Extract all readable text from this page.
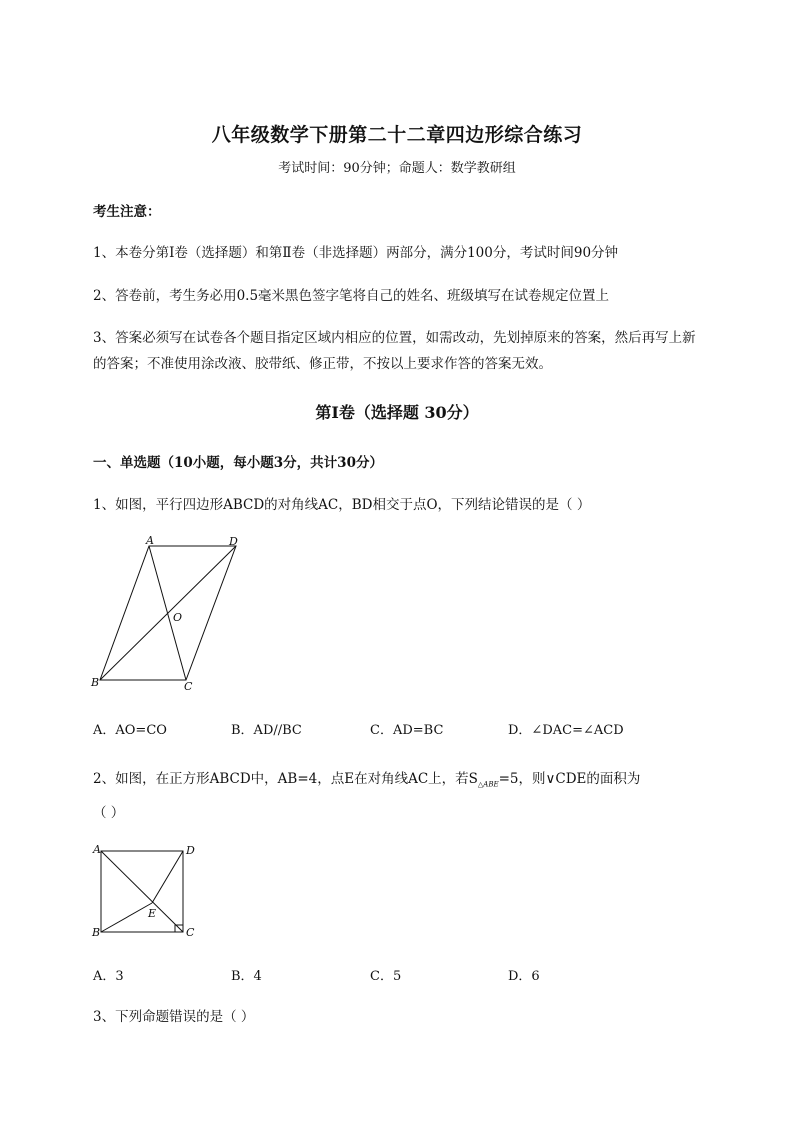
八年级数学下册第二十二章四边形综合练习
考试时间：90分钟；命题人：数学教研组
考生注意：
1、本卷分第I卷（选择题）和第Ⅱ卷（非选择题）两部分，满分100分，考试时间90分钟
2、答卷前，考生务必用0.5毫米黑色签字笔将自己的姓名、班级填写在试卷规定位置上
3、答案必须写在试卷各个题目指定区域内相应的位置，如需改动，先划掉原来的答案，然后再写上新
的答案；不准使用涂改液、胶带纸、修正带，不按以上要求作答的答案无效。
第I卷（选择题 30分）
一、单选题（10小题，每小题3分，共计30分）
1、如图，平行四边形ABCD的对角线AC，BD相交于点O，下列结论错误的是（ ）
A	D
O
B	C
A．AO=CO	B．AD//BC	C．AD=BC	D．∠DAC=∠ACD
2、如图，在正方形ABCD中，AB=4，点E在对角线AC上，若$S_{\triangle ABE}=5$，则∨CDE的面积为
（ ）
A	D
E
B	C
A．3	B．4	C．5	D．6
3、下列命题错误的是（ ）
